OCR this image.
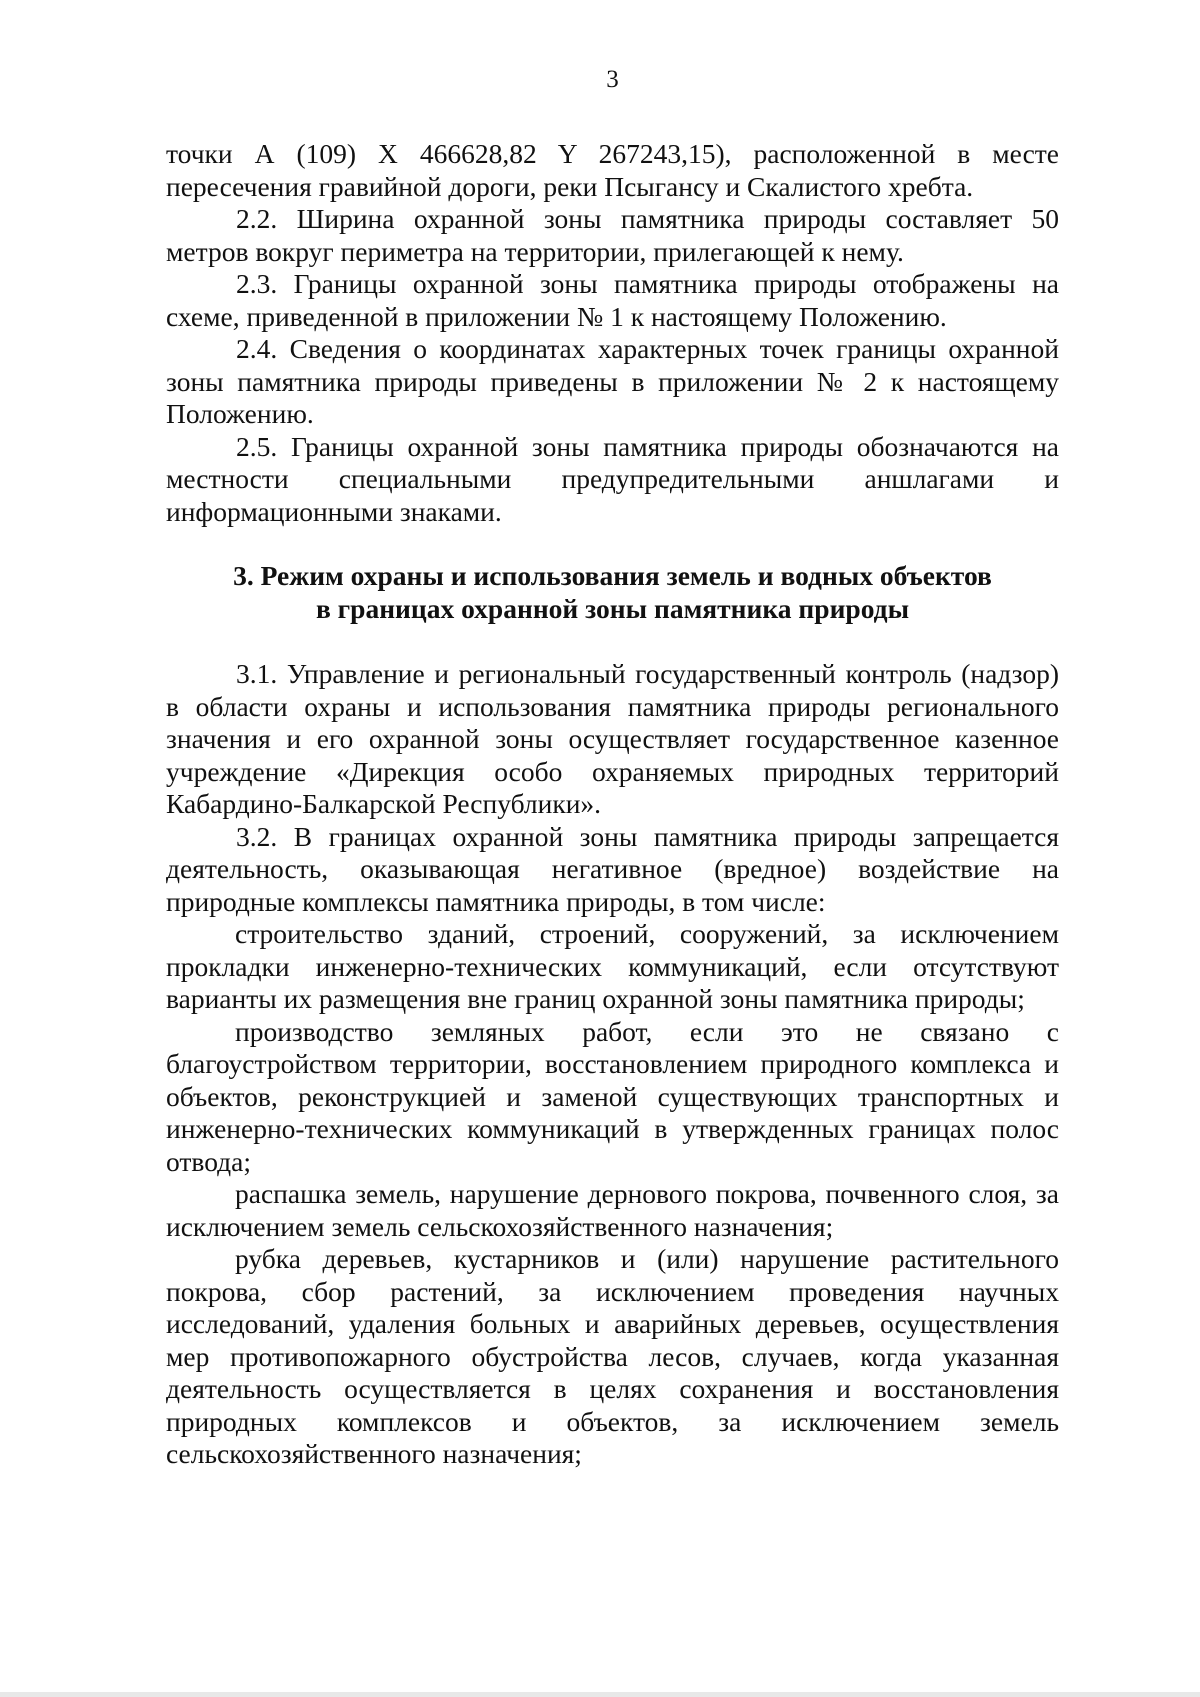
3

точки А (109) X 466628,82 Y 267243,15), расположенной в месте пересечения гравийной дороги, реки Псыгансу и Скалистого хребта.

2.2. Ширина охранной зоны памятника природы составляет 50 метров вокруг периметра на территории, прилегающей к нему.

2.3. Границы охранной зоны памятника природы отображены на схеме, приведенной в приложении № 1 к настоящему Положению.

2.4. Сведения о координатах характерных точек границы охранной зоны памятника природы приведены в приложении № 2 к настоящему Положению.

2.5. Границы охранной зоны памятника природы обозначаются на местности специальными предупредительными аншлагами и информационными знаками.

3. Режим охраны и использования земель и водных объектов
в границах охранной зоны памятника природы

3.1. Управление и региональный государственный контроль (надзор) в области охраны и использования памятника природы регионального значения и его охранной зоны осуществляет государственное казенное учреждение «Дирекция особо охраняемых природных территорий Кабардино-Балкарской Республики».

3.2. В границах охранной зоны памятника природы запрещается деятельность, оказывающая негативное (вредное) воздействие на природные комплексы памятника природы, в том числе:

строительство зданий, строений, сооружений, за исключением прокладки инженерно-технических коммуникаций, если отсутствуют варианты их размещения вне границ охранной зоны памятника природы;

производство земляных работ, если это не связано с благоустройством территории, восстановлением природного комплекса и объектов, реконструкцией и заменой существующих транспортных и инженерно-технических коммуникаций в утвержденных границах полос отвода;

распашка земель, нарушение дернового покрова, почвенного слоя, за исключением земель сельскохозяйственного назначения;

рубка деревьев, кустарников и (или) нарушение растительного покрова, сбор растений, за исключением проведения научных исследований, удаления больных и аварийных деревьев, осуществления мер противопожарного обустройства лесов, случаев, когда указанная деятельность осуществляется в целях сохранения и восстановления природных комплексов и объектов, за исключением земель сельскохозяйственного назначения;
